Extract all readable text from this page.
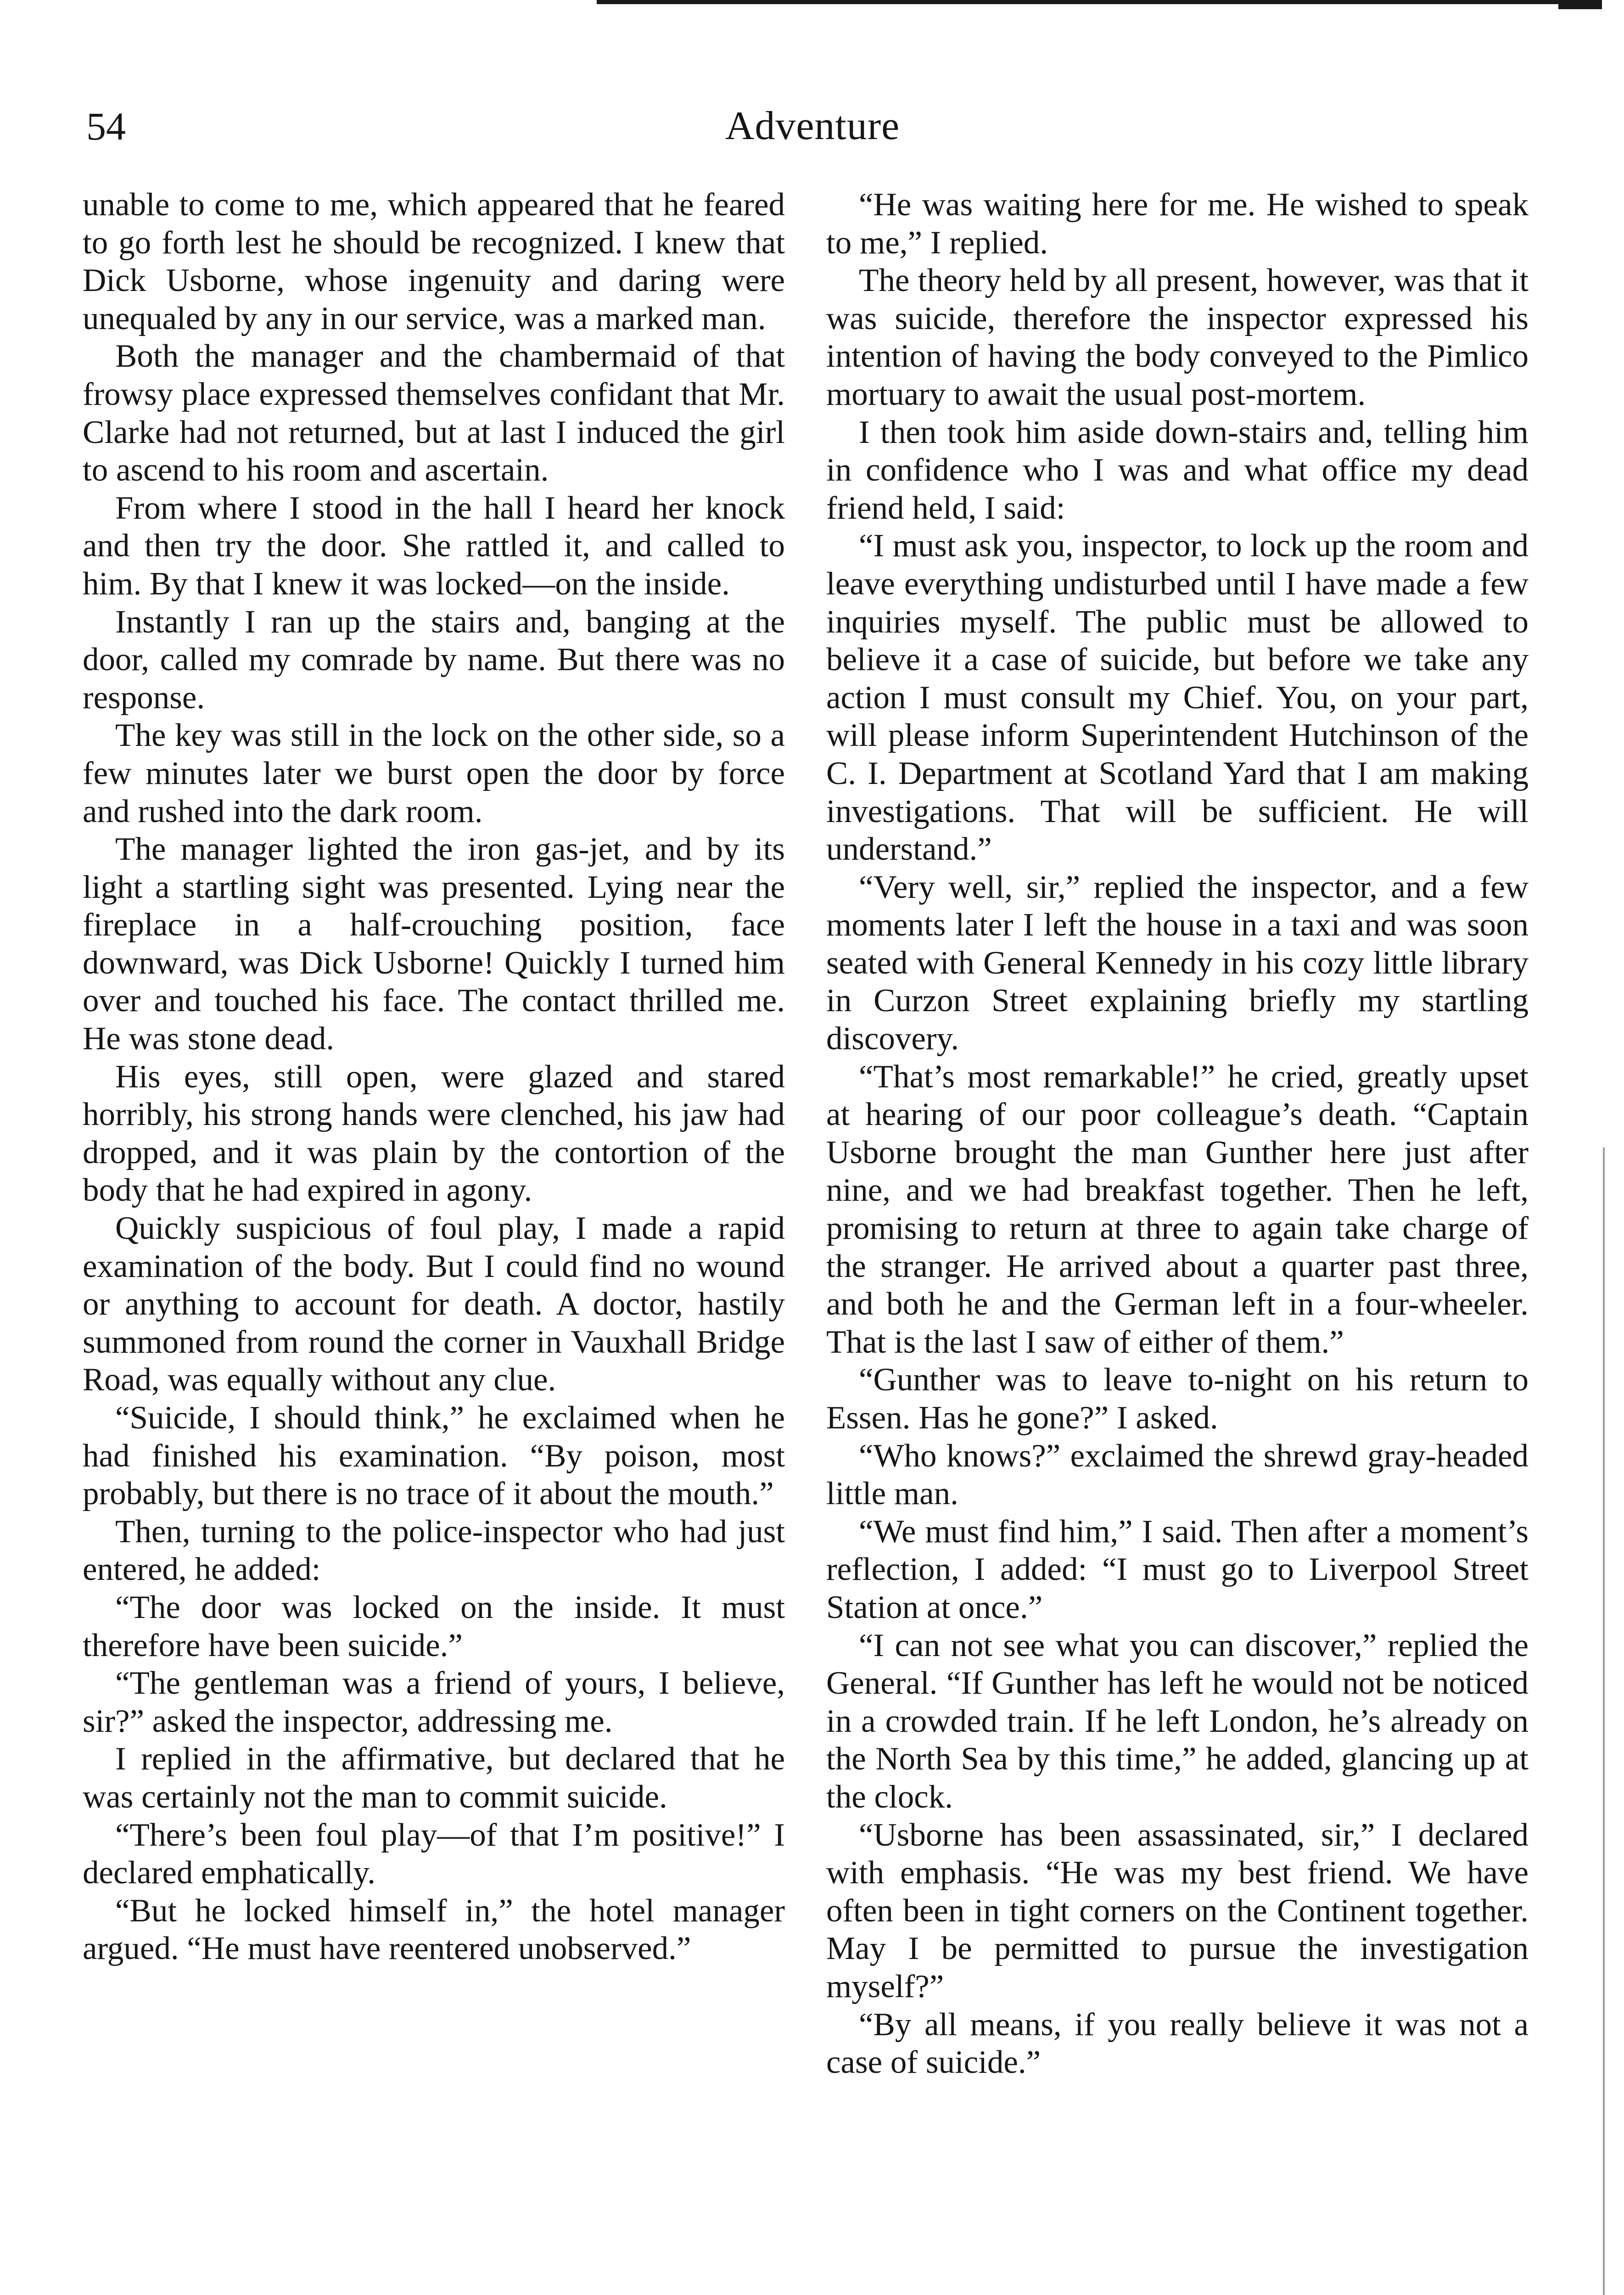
54	Adventure

unable to come to me, which appeared that he feared to go forth lest he should be recognized. I knew that Dick Usborne, whose ingenuity and daring were unequaled by any in our service, was a marked man.

Both the manager and the chambermaid of that frowsy place expressed themselves confidant that Mr. Clarke had not returned, but at last I induced the girl to ascend to his room and ascertain.

From where I stood in the hall I heard her knock and then try the door. She rattled it, and called to him. By that I knew it was locked—on the inside.

Instantly I ran up the stairs and, banging at the door, called my comrade by name. But there was no response.

The key was still in the lock on the other side, so a few minutes later we burst open the door by force and rushed into the dark room.

The manager lighted the iron gas-jet, and by its light a startling sight was presented. Lying near the fireplace in a half-crouching position, face downward, was Dick Usborne! Quickly I turned him over and touched his face. The contact thrilled me. He was stone dead.

His eyes, still open, were glazed and stared horribly, his strong hands were clenched, his jaw had dropped, and it was plain by the contortion of the body that he had expired in agony.

Quickly suspicious of foul play, I made a rapid examination of the body. But I could find no wound or anything to account for death. A doctor, hastily summoned from round the corner in Vauxhall Bridge Road, was equally without any clue.

“Suicide, I should think,” he exclaimed when he had finished his examination. “By poison, most probably, but there is no trace of it about the mouth.”

Then, turning to the police-inspector who had just entered, he added:

“The door was locked on the inside. It must therefore have been suicide.”

“The gentleman was a friend of yours, I believe, sir?” asked the inspector, addressing me.

I replied in the affirmative, but declared that he was certainly not the man to commit suicide.

“There’s been foul play—of that I’m positive!” I declared emphatically.

“But he locked himself in,” the hotel manager argued. “He must have reentered unobserved.”

“He was waiting here for me. He wished to speak to me,” I replied.

The theory held by all present, however, was that it was suicide, therefore the inspector expressed his intention of having the body conveyed to the Pimlico mortuary to await the usual post-mortem.

I then took him aside down-stairs and, telling him in confidence who I was and what office my dead friend held, I said:

“I must ask you, inspector, to lock up the room and leave everything undisturbed until I have made a few inquiries myself. The public must be allowed to believe it a case of suicide, but before we take any action I must consult my Chief. You, on your part, will please inform Superintendent Hutchinson of the C. I. Department at Scotland Yard that I am making investigations. That will be sufficient. He will understand.”

“Very well, sir,” replied the inspector, and a few moments later I left the house in a taxi and was soon seated with General Kennedy in his cozy little library in Curzon Street explaining briefly my startling discovery.

“That’s most remarkable!” he cried, greatly upset at hearing of our poor colleague’s death. “Captain Usborne brought the man Gunther here just after nine, and we had breakfast together. Then he left, promising to return at three to again take charge of the stranger. He arrived about a quarter past three, and both he and the German left in a four-wheeler. That is the last I saw of either of them.”

“Gunther was to leave to-night on his return to Essen. Has he gone?” I asked.

“Who knows?” exclaimed the shrewd gray-headed little man.

“We must find him,” I said. Then after a moment’s reflection, I added: “I must go to Liverpool Street Station at once.”

“I can not see what you can discover,” replied the General. “If Gunther has left he would not be noticed in a crowded train. If he left London, he’s already on the North Sea by this time,” he added, glancing up at the clock.

“Usborne has been assassinated, sir,” I declared with emphasis. “He was my best friend. We have often been in tight corners on the Continent together. May I be permitted to pursue the investigation myself?”

“By all means, if you really believe it was not a case of suicide.”
